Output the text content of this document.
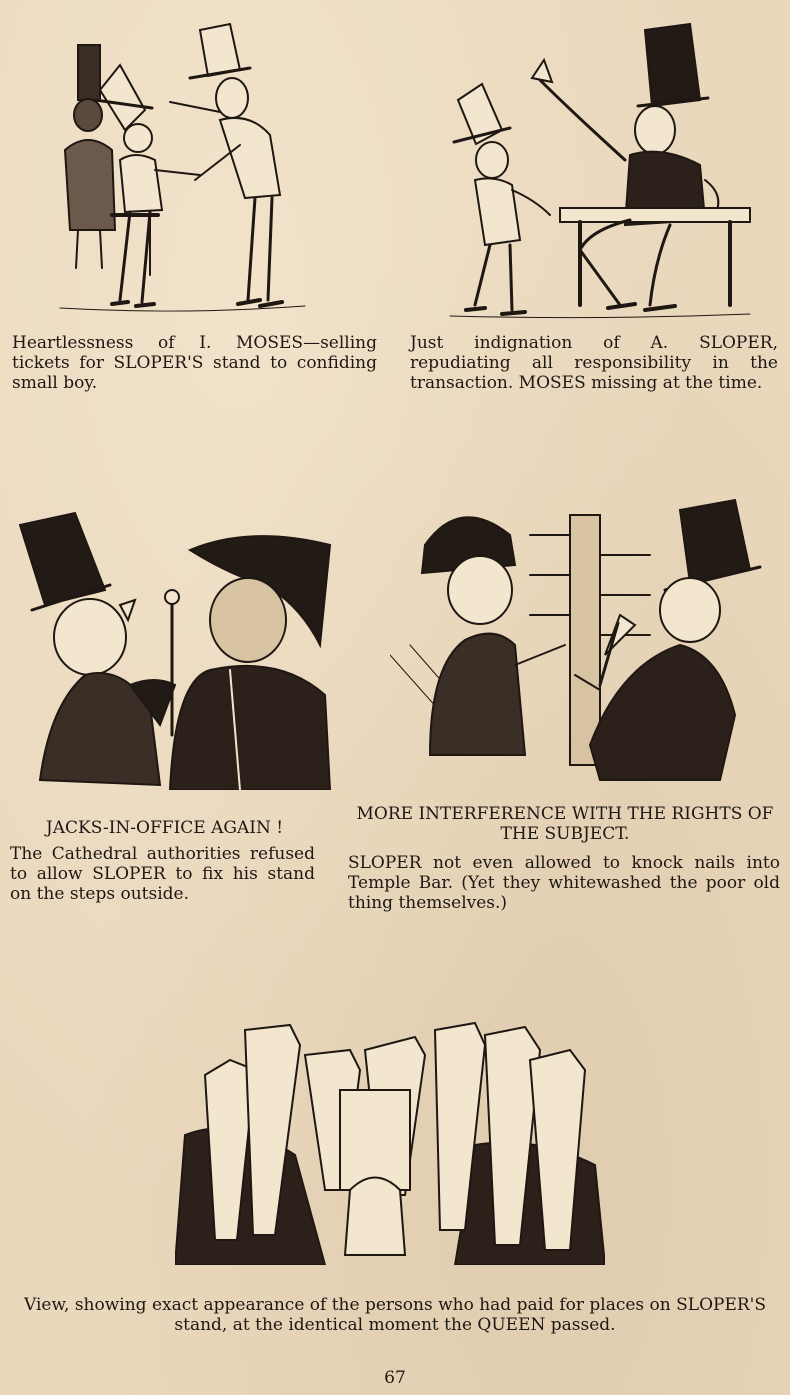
Heartlessness of I. MOSES—selling tickets for SLOPER'S stand to confiding small boy.

Just indignation of A. SLOPER, repudiating all responsibility in the transaction. MOSES missing at the time.

JACKS-IN-OFFICE AGAIN !

The Cathedral authorities refused to allow SLOPER to fix his stand on the steps outside.

MORE INTERFERENCE WITH THE RIGHTS OF THE SUBJECT.

SLOPER not even allowed to knock nails into Temple Bar. (Yet they whitewashed the poor old thing themselves.)

View, showing exact appearance of the persons who had paid for places on SLOPER'S stand, at the identical moment the QUEEN passed.

67
